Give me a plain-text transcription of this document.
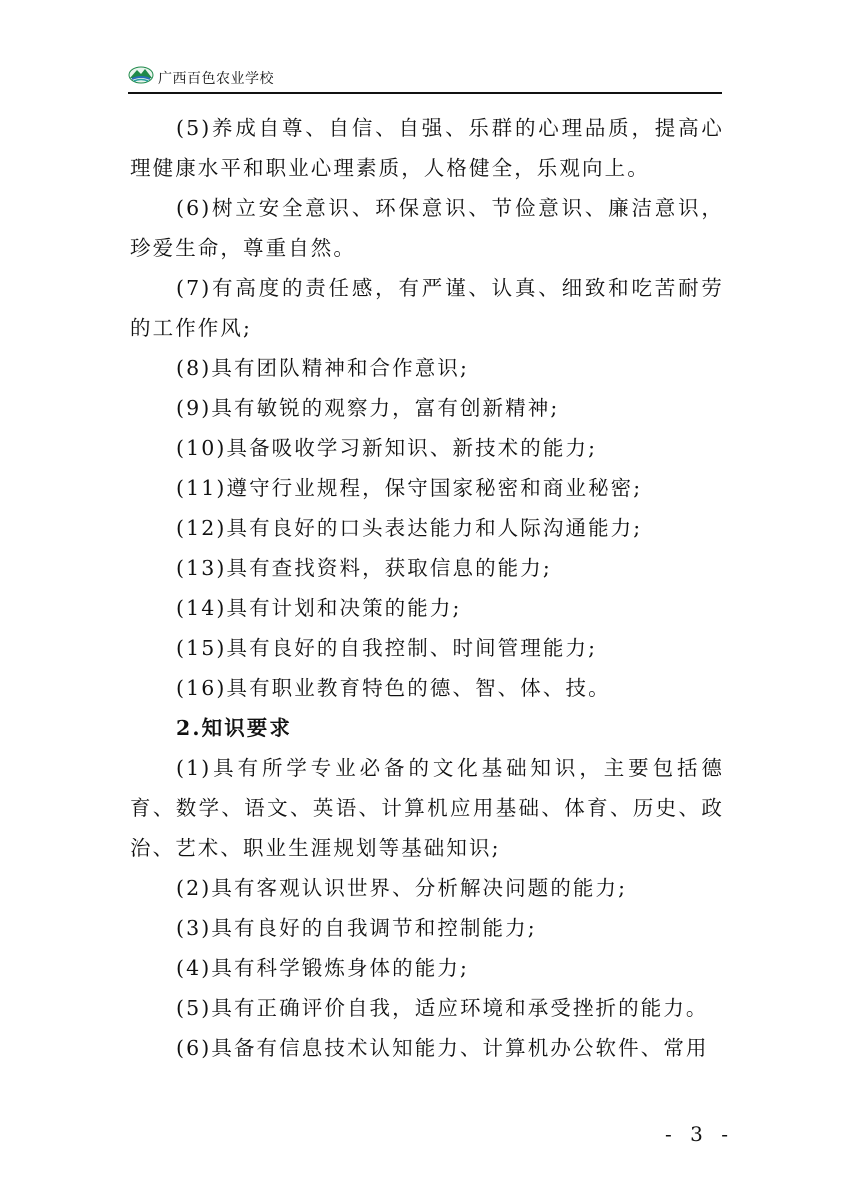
广西百色农业学校

(5)养成自尊、自信、自强、乐群的心理品质，提高心理健康水平和职业心理素质，人格健全，乐观向上。

(6)树立安全意识、环保意识、节俭意识、廉洁意识，珍爱生命，尊重自然。

(7)有高度的责任感，有严谨、认真、细致和吃苦耐劳的工作作风;

(8)具有团队精神和合作意识;

(9)具有敏锐的观察力，富有创新精神;

(10)具备吸收学习新知识、新技术的能力;

(11)遵守行业规程，保守国家秘密和商业秘密;

(12)具有良好的口头表达能力和人际沟通能力;

(13)具有查找资料，获取信息的能力;

(14)具有计划和决策的能力;

(15)具有良好的自我控制、时间管理能力;

(16)具有职业教育特色的德、智、体、技。

2.知识要求

(1)具有所学专业必备的文化基础知识，主要包括德育、数学、语文、英语、计算机应用基础、体育、历史、政治、艺术、职业生涯规划等基础知识;

(2)具有客观认识世界、分析解决问题的能力;

(3)具有良好的自我调节和控制能力;

(4)具有科学锻炼身体的能力;

(5)具有正确评价自我，适应环境和承受挫折的能力。

(6)具备有信息技术认知能力、计算机办公软件、常用

- 3 -
